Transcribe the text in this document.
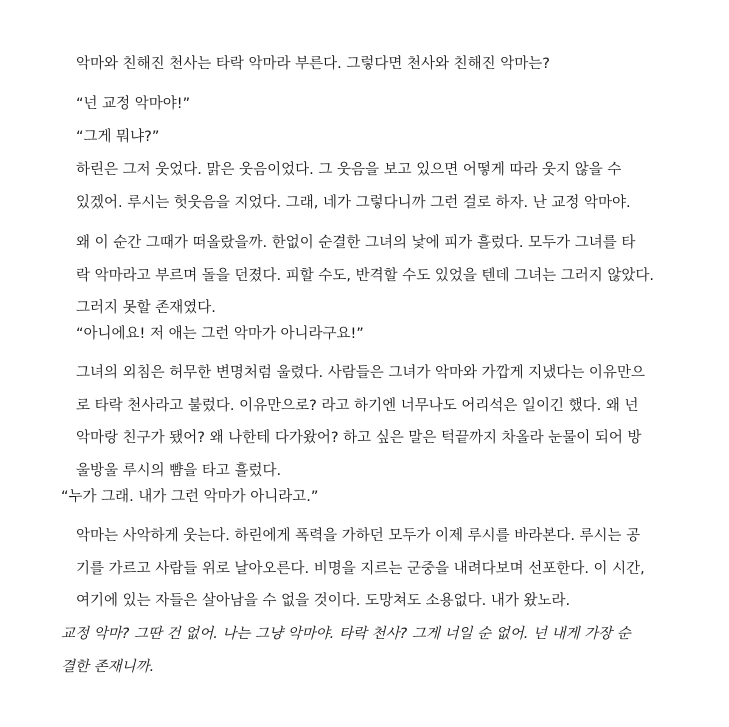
악마와 친해진 천사는 타락 악마라 부른다. 그렇다면 천사와 친해진 악마는?

“넌 교정 악마야!”
“그게 뭐냐?”

하린은 그저 웃었다. 맑은 웃음이었다. 그 웃음을 보고 있으면 어떻게 따라 웃지 않을 수
있겠어. 루시는 헛웃음을 지었다. 그래, 네가 그렇다니까 그런 걸로 하자. 난 교정 악마야.

왜 이 순간 그때가 떠올랐을까. 한없이 순결한 그녀의 낯에 피가 흘렀다. 모두가 그녀를 타
락 악마라고 부르며 돌을 던졌다. 피할 수도, 반격할 수도 있었을 텐데 그녀는 그러지 않았다.
그러지 못할 존재였다.

“아니에요! 저 애는 그런 악마가 아니라구요!”

그녀의 외침은 허무한 변명처럼 울렸다. 사람들은 그녀가 악마와 가깝게 지냈다는 이유만으
로 타락 천사라고 불렀다. 이유만으로? 라고 하기엔 너무나도 어리석은 일이긴 했다. 왜 넌
악마랑 친구가 됐어? 왜 나한테 다가왔어? 하고 싶은 말은 턱끝까지 차올라 눈물이 되어 방
울방울 루시의 뺨을 타고 흘렀다.

“누가 그래. 내가 그런 악마가 아니라고.”

악마는 사악하게 웃는다. 하린에게 폭력을 가하던 모두가 이제 루시를 바라본다. 루시는 공
기를 가르고 사람들 위로 날아오른다. 비명을 지르는 군중을 내려다보며 선포한다. 이 시간,
여기에 있는 자들은 살아남을 수 없을 것이다. 도망쳐도 소용없다. 내가 왔노라.

교정 악마? 그딴 건 없어. 나는 그냥 악마야. 타락 천사? 그게 너일 순 없어. 넌 내게 가장 순
결한 존재니까.
